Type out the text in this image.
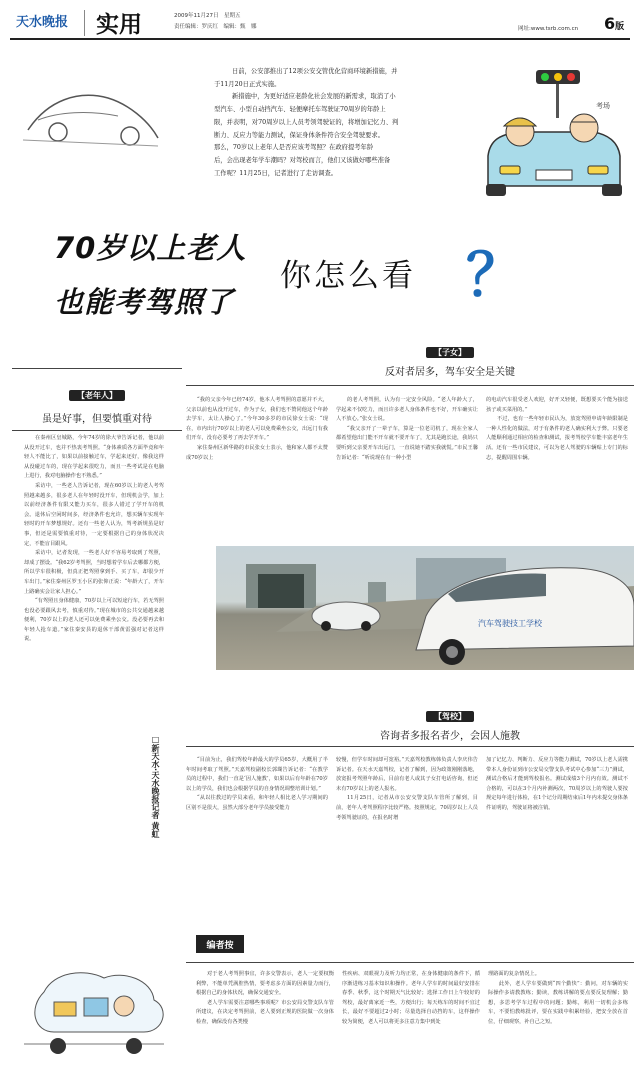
天水晚报 实用	2009年11月27日　星期五
责任编辑：罗庆红　编辑：甄　娜	网址:www.tsrb.com.cn 6版
日前，公安部推出了12项公安交管优化营商环境新措施，并
于11月20日正式实施。
新措施中，为更好适应老龄化社会发展的新需求，取消了小
型汽车、小型自动挡汽车、轻便摩托车驾驶证70周岁的年龄上
限，并表明，对70周岁以上人员考领驾驶证的，将增加记忆力、判
断力、反应力等能力测试，保证身体条件符合安全驾驶要求。
那么，70岁以上老年人是否应该考驾照？在政府提考年龄
后，会出现老年学车潮吗？对驾校而言，他们又该做好哪些准备
工作呢？11月25日，记者进行了走访调查。
考场
70岁以上老人
也能考驾照了
你怎么看 ？
【老年人】
虽是好事，但要慎重对待

在秦州区皇城路，今年74岁的徐大爷告诉记者，他以前从没开过车，也并不热衷考驾照。“身体素质各方面毕竟和年轻人不能比了，如果以前接触过车，学起来还好，像我这样从没碰过车的，现在学起来很吃力，而且一些考试是在电脑上进行，我对电脑操作也不熟悉。”

采访中，一些老人告诉记者，现在60岁以上的老人考驾照越来越多，很多老人在年轻时没开车，但现机会学，加上以前经济条件有限又能力买车，很多人错过了学开车的机会。退休后空闲时间多，经济条件也允许，想买辆车实现年轻时的开车梦想规好。还有一些老人认为，驾考新规虽是好事，但还是需要慎重对待，一定要根据自己的身体状况决定，不能盲目跟风。

采访中，记者发现，一些老人好不容易考取到了驾照，却成了摆设。“我62岁考驾照，当时想着学车后去哪都方便，所以学车很积极，但真正把驾照拿到手、买了车，却很少开车出门。”家住秦州区罗玉小区的张仰正说：“年龄大了，开车上路确实会让家人担心。”

“有驾照且身体健康，70岁以上可以短途行车，若无驾照也没必要跟风去考，慎重对待。”现在城市的公共交通越来越便利，70岁以上的老人还可以免费乘坐公交。没必要再去和年轻人抢车道。”家住秦安县的退休干部黄雷强对记者这样说。

□新天水·天水晚报记者 黄虹
【子女】
反对者居多，驾车安全是关键

“我的父亲今年已经74岁，他本人考驾照的意愿并不大，父亲以前也从没开过车，作为子女，我们也不赞同他这个年龄去学车，太让人操心了。”今年30多岁的市民徐女士说：“现在，市内出行70岁以上的老人可以免费乘坐公交，出远门有我们开车，没有必要考了再去学开车。”

家住秦州区新华路的市民张女士表示，他和家人都不太赞成70岁以上

的老人考驾照，认为有一定安全风险。“老人年龄大了，学起来不仅吃力，而且许多老人身体条件也不好，开车确实让人不放心。”张女士说。

“我父亲开了一辈子车，算是一位老司机了，现在全家人都希望他出门能不开车就不要开车了，尤其是跑长途，我妈只要听到父亲要开车出远门，一直说她不踏实我就慌。”市民王馨告诉记者：“听说现在有一种小型

的电动汽车很受老人欢迎，好开又轻便，既想要买个能为接送孩子或买菜用的。”

不过，也有一些年轻市民认为，放宽驾照申请年龄限制是一种人性化的做法，对于有条件的老人确实利大于弊。只要老人能顺利通过相应的检查和测试，报考驾校学车能丰富老年生活。还有一些市民建议，可以为老人驾驶的车辆贴上专门的标志，提醒周围车辆。

汽车驾驶技工学校
【驾校】
咨询者多报名者少，会因人施教

“目前为止，我们驾校年龄最大的学员65岁，大概用了半年时间考取了驾照。”天嘉驾校副校长郭瑚告诉记者：“在教学员的过程中，我们一直是‘因人施教’，如果以后有年龄在70岁以上的学员，我们也会根据学员的自身情况调整培训计划。”

“从以往教过的学员来看，和年轻人相比老人学习期间的区别不是很大，虽然大部分老年学员接受能力

较慢，但学车时间却可宽裕。”天嘉驾校教练韩负责人李庆伟告诉记者。在天水天嘉驾校，记者了解到，因为政策刚刚落地，放宽报考驾照年龄后，目前有老人或其子女打电话咨询，但还未有70岁以上的老人报名。

11月25日，记者从市公安交警支队车管所了解到，目前，老年人考驾照程序比较严格。按照规定，70周岁以上人员考领驾驶证的，在报名时增

加了记忆力、判断力、反应力等能力测试，70岁以上老人需携带本人身份证到市公安局交警支队考试中心参加“三力”测试，测试合格后才能到驾校报名。测试成绩3个月内有效。测试不合格的，可以在3个月内补测两次，70周岁以上的驾驶人要按规定每年进行体检，在1个记分周期结束后1年内未提交身体条件证明的，驾驶证将被注销。

编者按

对于老人考驾照事宜，许多交警表示，老人一定要权衡利弊，不能单凭满腔热情，要考虑多方面的因素量力而行，根据自己的身体状况，确保交通安全。

老人学车需要注意哪些事项呢？市公安局交警支队车管所建议，在决定考驾照前，老人要到正规的医院做一次身体检查，确保没有各类慢

性疾病、双眼视力及听力均正常，在身体健康的条件下，循序渐进练习基本知识和操作。老年人学车的时间最好安排在春季、秋季，这个时期天气比较好；选择工作日上午较好的驾校，最好离家近一些，方便出行；每天练车的时间不宜过长，最好不要超过2小时；尽量选择自动挡的车，这样操作较为简便，老人可以将更多注意力集中到处

理路面的复杂情况上。

此外，老人学车要做到“四个勤快”：勤问，对车辆的实际操作多请教教练；勤读，教练讲解的要点要反复理解；勤想，多思考学车过程中的问题；勤练，利用一切机会多练车，不要怕教练批评，要在实践中积累经验，把安全放在首位，仔细观察，补自己之短。
